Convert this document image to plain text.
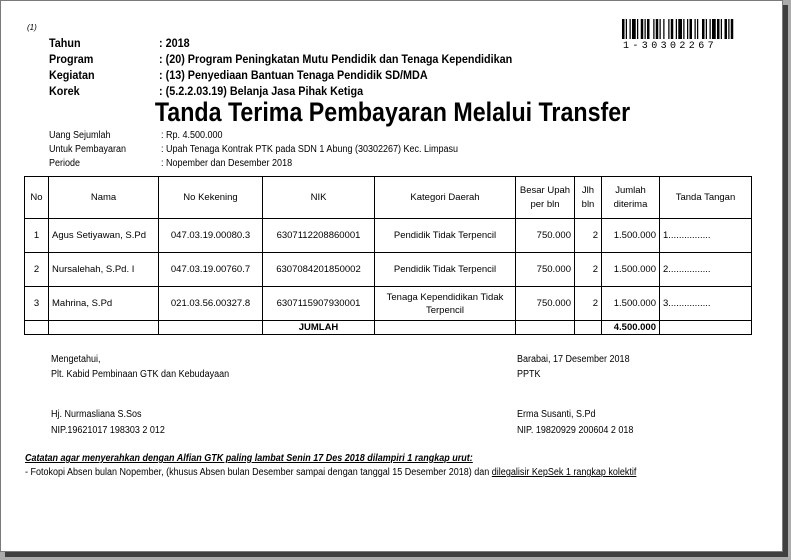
(1)
Tahun	: 2018
Program	: (20) Program Peningkatan Mutu Pendidik dan Tenaga Kependidikan
Kegiatan	: (13) Penyediaan Bantuan Tenaga Pendidik SD/MDA
Korek	: (5.2.2.03.19) Belanja Jasa Pihak Ketiga
1-30302267
Tanda Terima Pembayaran Melalui Transfer
Uang Sejumlah	: Rp. 4.500.000
Untuk Pembayaran	: Upah Tenaga Kontrak PTK pada SDN 1 Abung (30302267) Kec. Limpasu
Periode	: Nopember dan Desember 2018
No	Nama	No Kekening	NIK	Kategori Daerah	Besar Upah per bln	Jlh bln	Jumlah diterima	Tanda Tangan
1	Agus Setiyawan, S.Pd	047.03.19.00080.3	6307112208860001	Pendidik Tidak Terpencil	750.000	2	1.500.000	1................
2	Nursalehah, S.Pd. I	047.03.19.00760.7	6307084201850002	Pendidik Tidak Terpencil	750.000	2	1.500.000	2................
3	Mahrina, S.Pd	021.03.56.00327.8	6307115907930001	Tenaga Kependidikan Tidak Terpencil	750.000	2	1.500.000	3................
			JUMLAH				4.500.000	
Mengetahui,
Plt. Kabid Pembinaan GTK dan Kebudayaan
Hj. Nurmasliana S.Sos
NIP.19621017 198303 2 012
Barabai, 17 Desember 2018
PPTK
Erma Susanti, S.Pd
NIP. 19820929 200604 2 018
Catatan agar menyerahkan dengan Alfian GTK paling lambat Senin 17 Des 2018 dilampiri 1 rangkap urut:
- Fotokopi Absen bulan Nopember, (khusus Absen bulan Desember sampai dengan tanggal 15 Desember 2018) dan dilegalisir KepSek 1 rangkap kolektif
